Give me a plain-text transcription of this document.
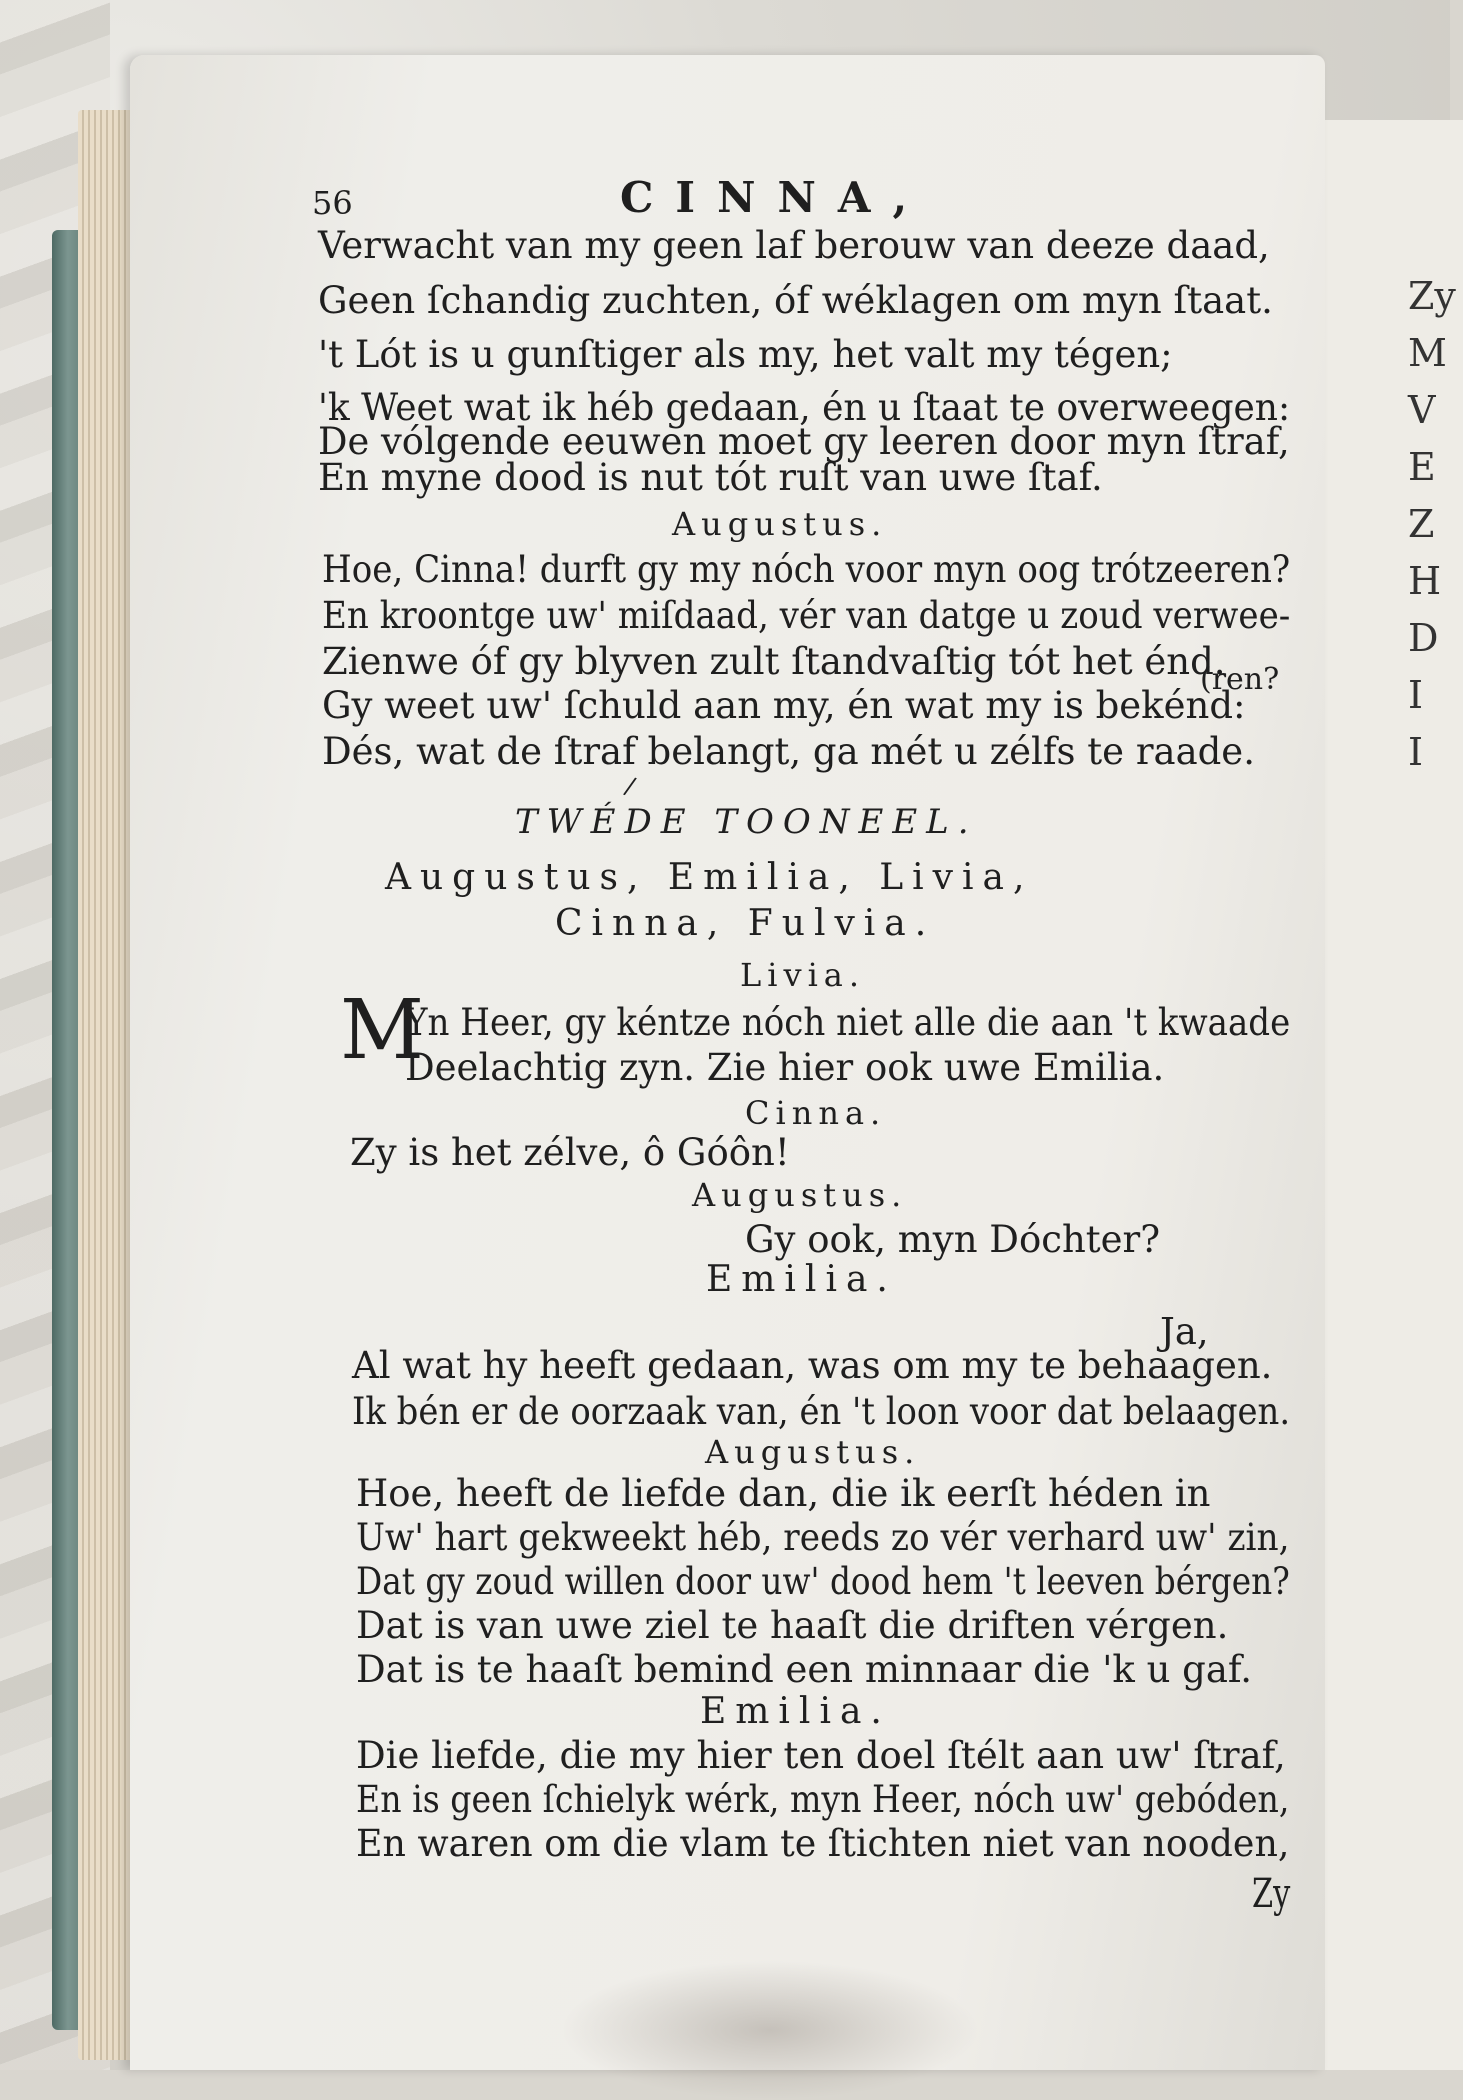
Zy
M
V
E
Z
H
D
I
I
56	CINNA,
Verwacht van my geen laf berouw van deeze daad,
Geen ſchandig zuchten, óf wéklagen om myn ſtaat.
't Lót is u gunſtiger als my, het valt my tégen;
'k Weet wat ik héb gedaan, én u ſtaat te overweegen:
De vólgende eeuwen moet gy leeren door myn ſtraf,
En myne dood is nut tót ruſt van uwe ſtaf.
Augustus.
Hoe, Cinna! durft gy my nóch voor myn oog trótzeeren?
En kroontge uw' miſdaad, vér van datge u zoud verwee-
Zienwe óf gy blyven zult ſtandvaſtig tót het énd.
(ren?
Gy weet uw' ſchuld aan my, én wat my is bekénd:
Dés, wat de ſtraf belangt, ga mét u zélfs te raade.
/
TWÉDE TOONEEL.
Augustus, Emilia, Livia,
Cinna, Fulvia.
Livia.
M
Yn Heer, gy kéntze nóch niet alle die aan 't kwaade
Deelachtig zyn. Zie hier ook uwe Emilia.
Cinna.
Zy is het zélve, ô Góôn!
Augustus.
Gy ook, myn Dóchter?
Emilia.
Ja,
Al wat hy heeft gedaan, was om my te behaagen.
Ik bén er de oorzaak van, én 't loon voor dat belaagen.
Augustus.
Hoe, heeft de liefde dan, die ik eerſt héden in
Uw' hart gekweekt héb, reeds zo vér verhard uw' zin,
Dat gy zoud willen door uw' dood hem 't leeven bérgen?
Dat is van uwe ziel te haaſt die driften vérgen.
Dat is te haaſt bemind een minnaar die 'k u gaf.
Emilia.
Die liefde, die my hier ten doel ſtélt aan uw' ſtraf,
En is geen ſchielyk wérk, myn Heer, nóch uw' gebóden,
En waren om die vlam te ſtichten niet van nooden,
Zy
